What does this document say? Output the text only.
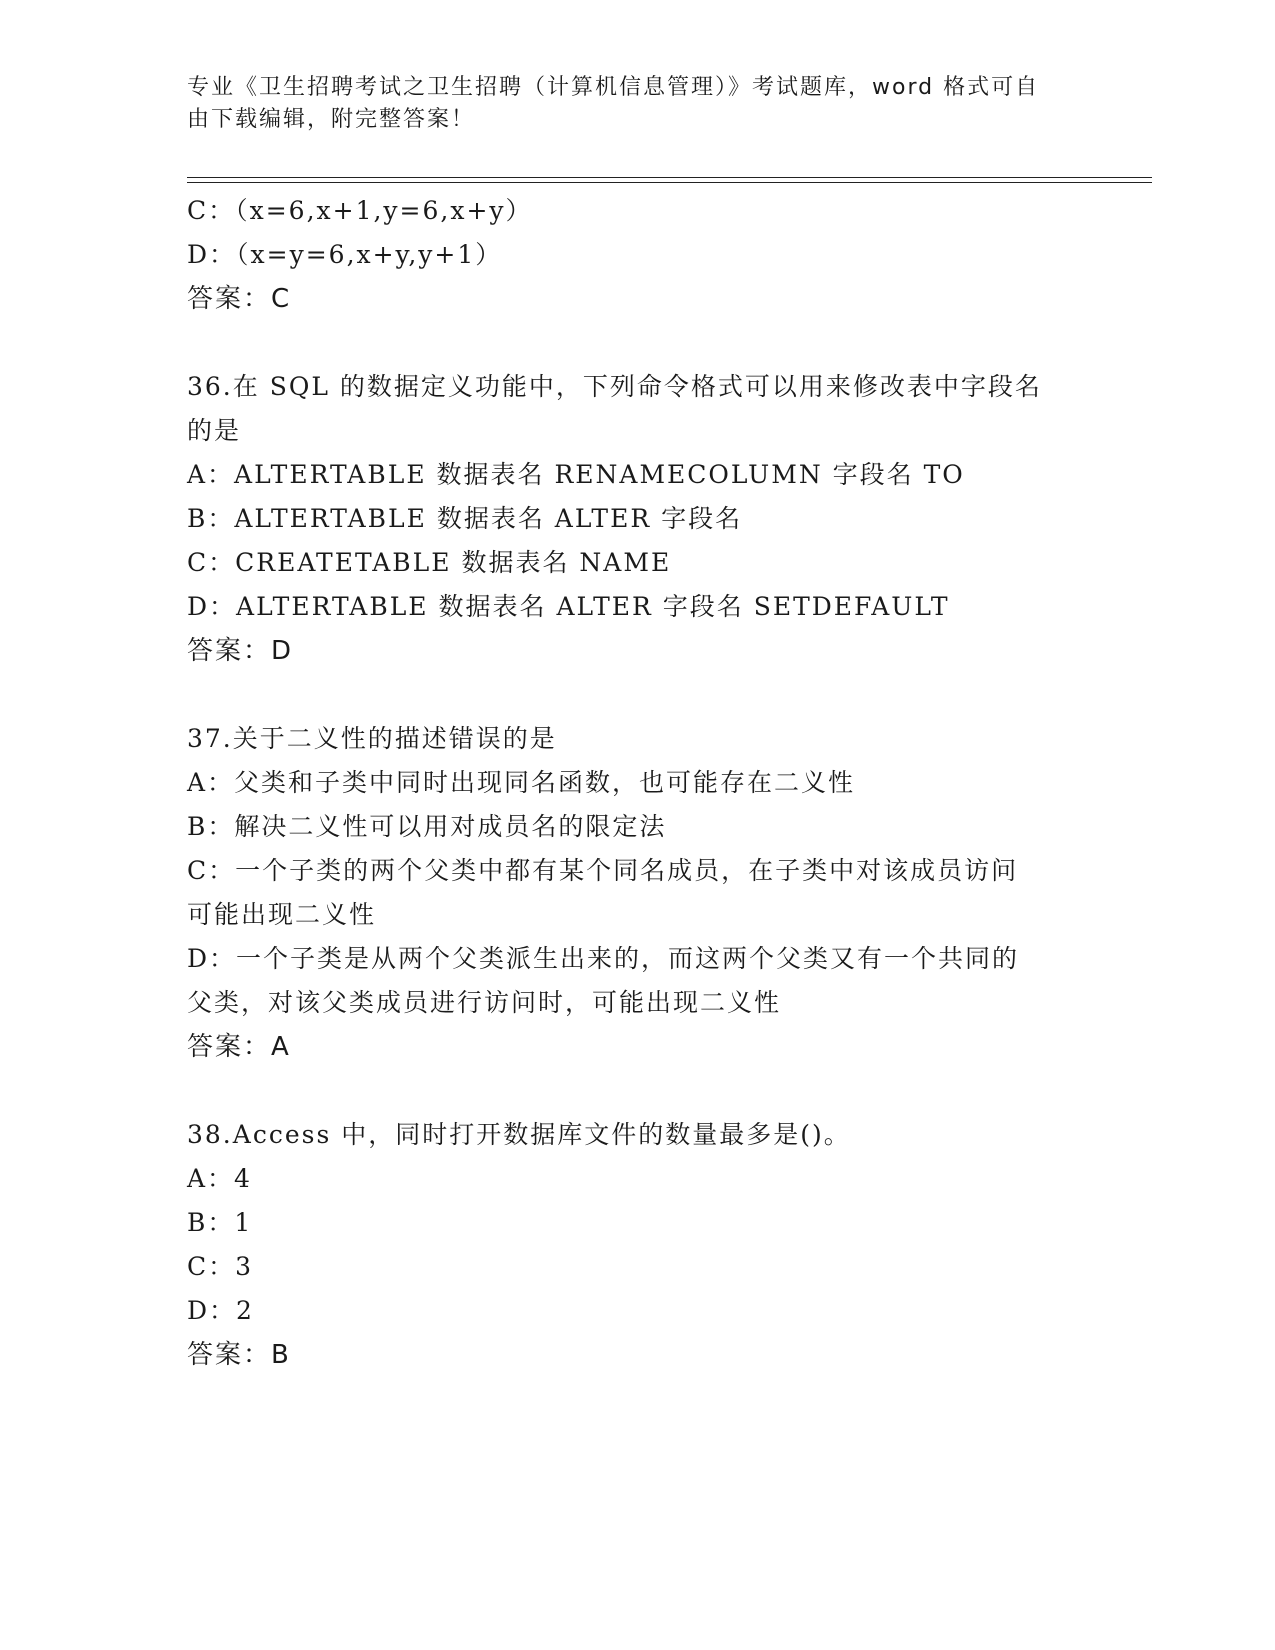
专业《卫生招聘考试之卫生招聘（计算机信息管理）》考试题库，word 格式可自
由下载编辑，附完整答案！
C：（x=6,x+1,y=6,x+y）
D：（x=y=6,x+y,y+1）
答案：C
36.在 SQL 的数据定义功能中，下列命令格式可以用来修改表中字段名
的是
A：ALTERTABLE 数据表名 RENAMECOLUMN 字段名 TO
B：ALTERTABLE 数据表名 ALTER 字段名
C：CREATETABLE 数据表名 NAME
D：ALTERTABLE 数据表名 ALTER 字段名 SETDEFAULT
答案：D
37.关于二义性的描述错误的是
A：父类和子类中同时出现同名函数，也可能存在二义性
B：解决二义性可以用对成员名的限定法
C：一个子类的两个父类中都有某个同名成员，在子类中对该成员访问
可能出现二义性
D：一个子类是从两个父类派生出来的，而这两个父类又有一个共同的
父类，对该父类成员进行访问时，可能出现二义性
答案：A
38.Access 中，同时打开数据库文件的数量最多是()。
A：4
B：1
C：3
D：2
答案：B
